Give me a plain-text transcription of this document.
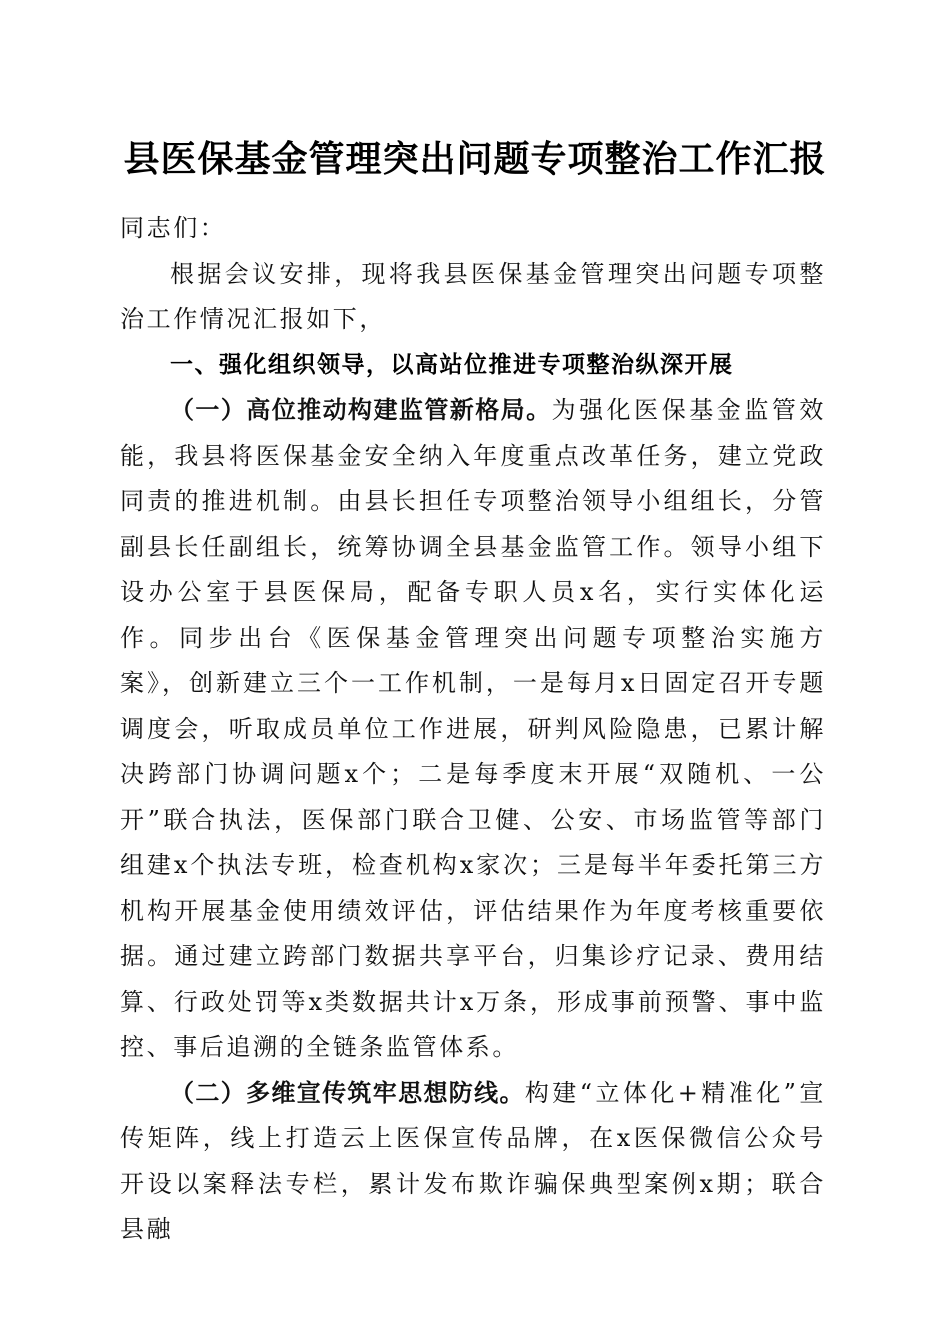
县医保基金管理突出问题专项整治工作汇报

同志们：

根据会议安排，现将我县医保基金管理突出问题专项整治工作情况汇报如下，

一、强化组织领导，以高站位推进专项整治纵深开展

（一）高位推动构建监管新格局。为强化医保基金监管效能，我县将医保基金安全纳入年度重点改革任务，建立党政同责的推进机制。由县长担任专项整治领导小组组长，分管副县长任副组长，统筹协调全县基金监管工作。领导小组下设办公室于县医保局，配备专职人员x名，实行实体化运作。同步出台《医保基金管理突出问题专项整治实施方案》，创新建立三个一工作机制，一是每月x日固定召开专题调度会，听取成员单位工作进展，研判风险隐患，已累计解决跨部门协调问题x个；二是每季度末开展“双随机、一公开”联合执法，医保部门联合卫健、公安、市场监管等部门组建x个执法专班，检查机构x家次；三是每半年委托第三方机构开展基金使用绩效评估，评估结果作为年度考核重要依据。通过建立跨部门数据共享平台，归集诊疗记录、费用结算、行政处罚等x类数据共计x万条，形成事前预警、事中监控、事后追溯的全链条监管体系。

（二）多维宣传筑牢思想防线。构建“立体化+精准化”宣传矩阵，线上打造云上医保宣传品牌，在x医保微信公众号开设以案释法专栏，累计发布欺诈骗保典型案例x期；联合县融
